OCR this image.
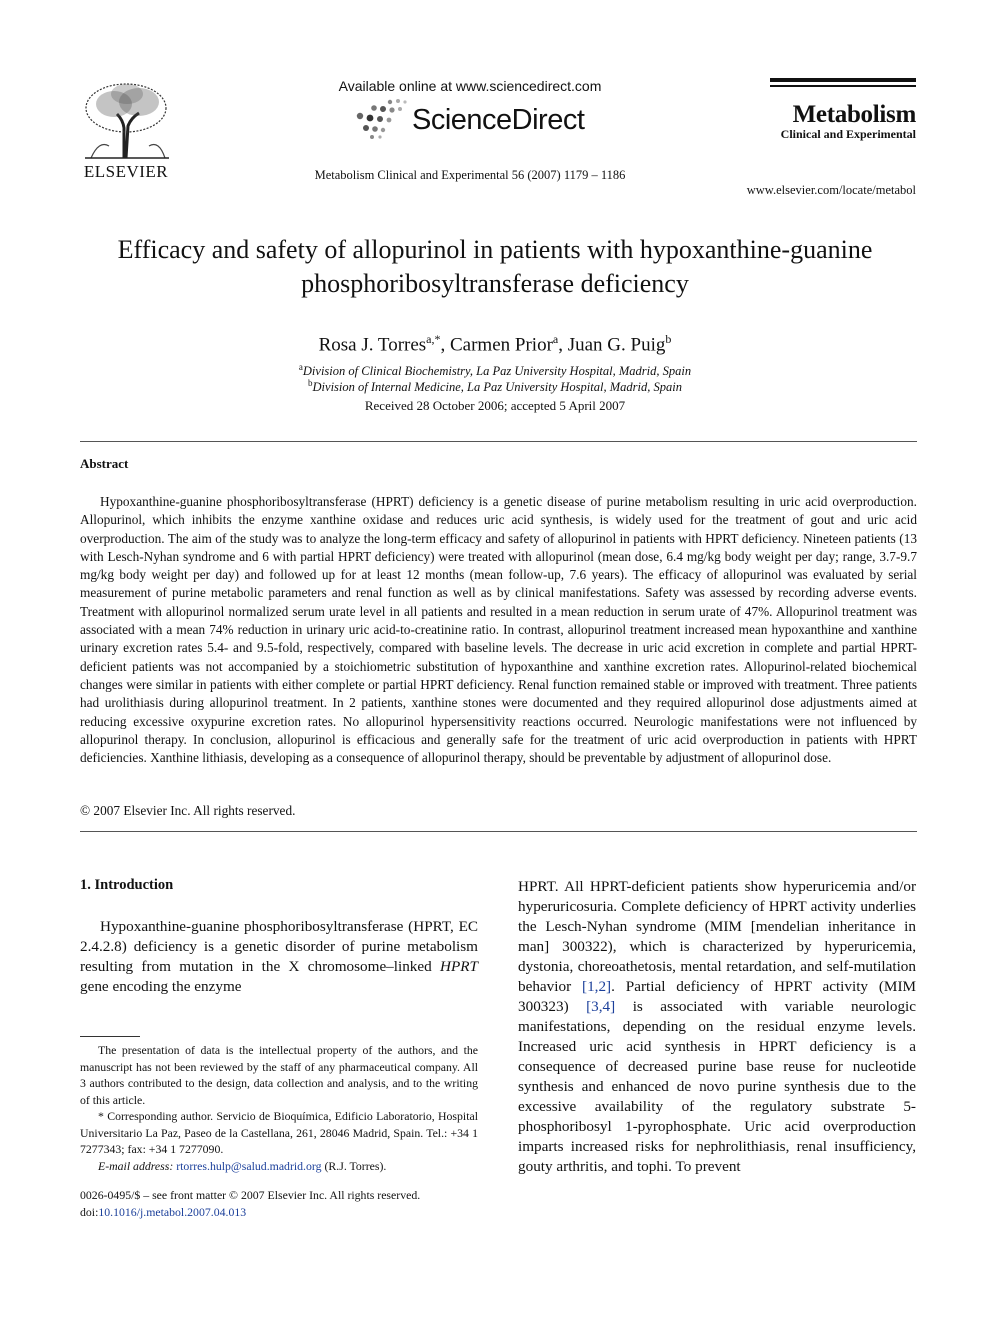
ELSEVIER
Available online at www.sciencedirect.com
ScienceDirect
Metabolism Clinical and Experimental 56 (2007) 1179 – 1186
Metabolism
Clinical and Experimental
www.elsevier.com/locate/metabol
Efficacy and safety of allopurinol in patients with hypoxanthine-guanine phosphoribosyltransferase deficiency
Rosa J. Torres$^{a,*}$, Carmen Prior$^a$, Juan G. Puig$^b$
$^a$Division of Clinical Biochemistry, La Paz University Hospital, Madrid, Spain
$^b$Division of Internal Medicine, La Paz University Hospital, Madrid, Spain
Received 28 October 2006; accepted 5 April 2007
Abstract
Hypoxanthine-guanine phosphoribosyltransferase (HPRT) deficiency is a genetic disease of purine metabolism resulting in uric acid overproduction. Allopurinol, which inhibits the enzyme xanthine oxidase and reduces uric acid synthesis, is widely used for the treatment of gout and uric acid overproduction. The aim of the study was to analyze the long-term efficacy and safety of allopurinol in patients with HPRT deficiency. Nineteen patients (13 with Lesch-Nyhan syndrome and 6 with partial HPRT deficiency) were treated with allopurinol (mean dose, 6.4 mg/kg body weight per day; range, 3.7-9.7 mg/kg body weight per day) and followed up for at least 12 months (mean follow-up, 7.6 years). The efficacy of allopurinol was evaluated by serial measurement of purine metabolic parameters and renal function as well as by clinical manifestations. Safety was assessed by recording adverse events. Treatment with allopurinol normalized serum urate level in all patients and resulted in a mean reduction in serum urate of 47%. Allopurinol treatment was associated with a mean 74% reduction in urinary uric acid-to-creatinine ratio. In contrast, allopurinol treatment increased mean hypoxanthine and xanthine urinary excretion rates 5.4- and 9.5-fold, respectively, compared with baseline levels. The decrease in uric acid excretion in complete and partial HPRT-deficient patients was not accompanied by a stoichiometric substitution of hypoxanthine and xanthine excretion rates. Allopurinol-related biochemical changes were similar in patients with either complete or partial HPRT deficiency. Renal function remained stable or improved with treatment. Three patients had urolithiasis during allopurinol treatment. In 2 patients, xanthine stones were documented and they required allopurinol dose adjustments aimed at reducing excessive oxypurine excretion rates. No allopurinol hypersensitivity reactions occurred. Neurologic manifestations were not influenced by allopurinol therapy. In conclusion, allopurinol is efficacious and generally safe for the treatment of uric acid overproduction in patients with HPRT deficiencies. Xanthine lithiasis, developing as a consequence of allopurinol therapy, should be preventable by adjustment of allopurinol dose.
© 2007 Elsevier Inc. All rights reserved.
1. Introduction
Hypoxanthine-guanine phosphoribosyltransferase (HPRT, EC 2.4.2.8) deficiency is a genetic disorder of purine metabolism resulting from mutation in the X chromosome–linked HPRT gene encoding the enzyme
HPRT. All HPRT-deficient patients show hyperuricemia and/or hyperuricosuria. Complete deficiency of HPRT activity underlies the Lesch-Nyhan syndrome (MIM [mendelian inheritance in man] 300322), which is characterized by hyperuricemia, dystonia, choreoathetosis, mental retardation, and self-mutilation behavior [1,2]. Partial deficiency of HPRT activity (MIM 300323) [3,4] is associated with variable neurologic manifestations, depending on the residual enzyme levels. Increased uric acid synthesis in HPRT deficiency is a consequence of decreased purine base reuse for nucleotide synthesis and enhanced de novo purine synthesis due to the excessive availability of the regulatory substrate 5-phosphoribosyl 1-pyrophosphate. Uric acid overproduction imparts increased risks for nephrolithiasis, renal insufficiency, gouty arthritis, and tophi. To prevent

The presentation of data is the intellectual property of the authors, and the manuscript has not been reviewed by the staff of any pharmaceutical company. All 3 authors contributed to the design, data collection and analysis, and to the writing of this article.

* Corresponding author. Servicio de Bioquímica, Edificio Laboratorio, Hospital Universitario La Paz, Paseo de la Castellana, 261, 28046 Madrid, Spain. Tel.: +34 1 7277343; fax: +34 1 7277090.

E-mail address: rtorres.hulp@salud.madrid.org (R.J. Torres).

0026-0495/$ – see front matter © 2007 Elsevier Inc. All rights reserved.
doi:10.1016/j.metabol.2007.04.013
